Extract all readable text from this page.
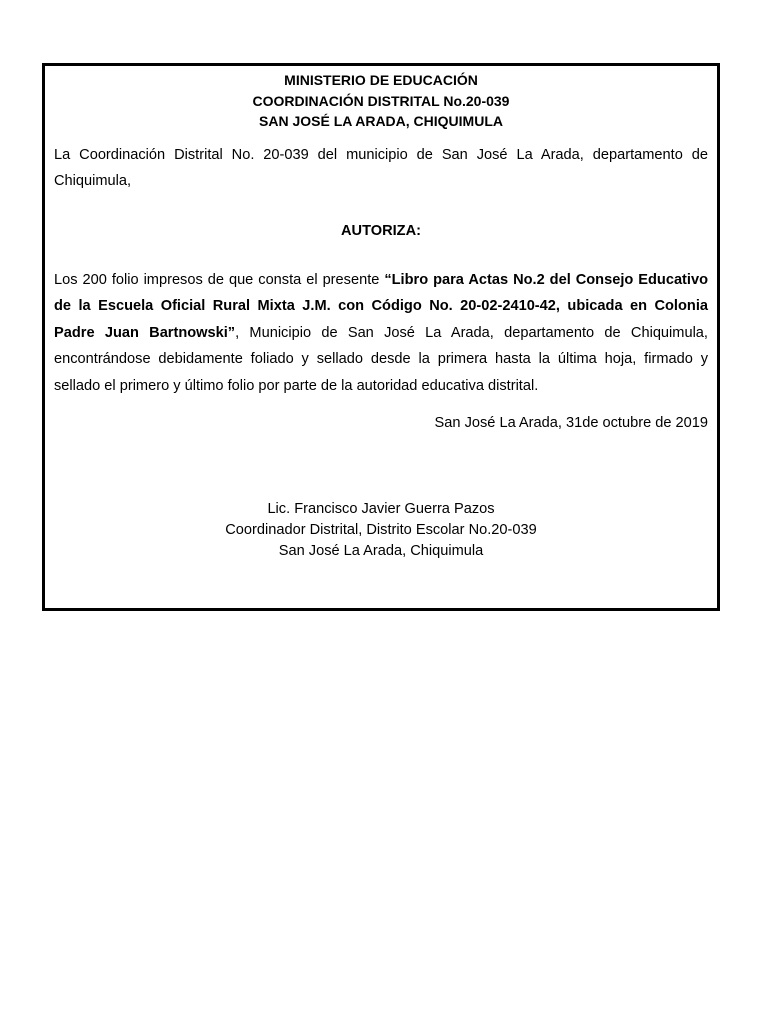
MINISTERIO DE EDUCACIÓN
COORDINACIÓN DISTRITAL No.20-039
SAN JOSÉ LA ARADA, CHIQUIMULA

La Coordinación Distrital No. 20-039 del municipio de San José La Arada, departamento de Chiquimula,

AUTORIZA:

Los 200 folio impresos de que consta el presente “Libro para Actas No.2 del Consejo Educativo de la Escuela Oficial Rural Mixta J.M. con Código No. 20-02-2410-42, ubicada en Colonia Padre Juan Bartnowski”, Municipio de San José La Arada, departamento de Chiquimula, encontrándose debidamente foliado y sellado desde la primera hasta la última hoja, firmado y sellado el primero y último folio por parte de la autoridad educativa distrital.

San José La Arada, 31de octubre de 2019
Lic. Francisco Javier Guerra Pazos
Coordinador Distrital, Distrito Escolar No.20-039
San José La Arada, Chiquimula
